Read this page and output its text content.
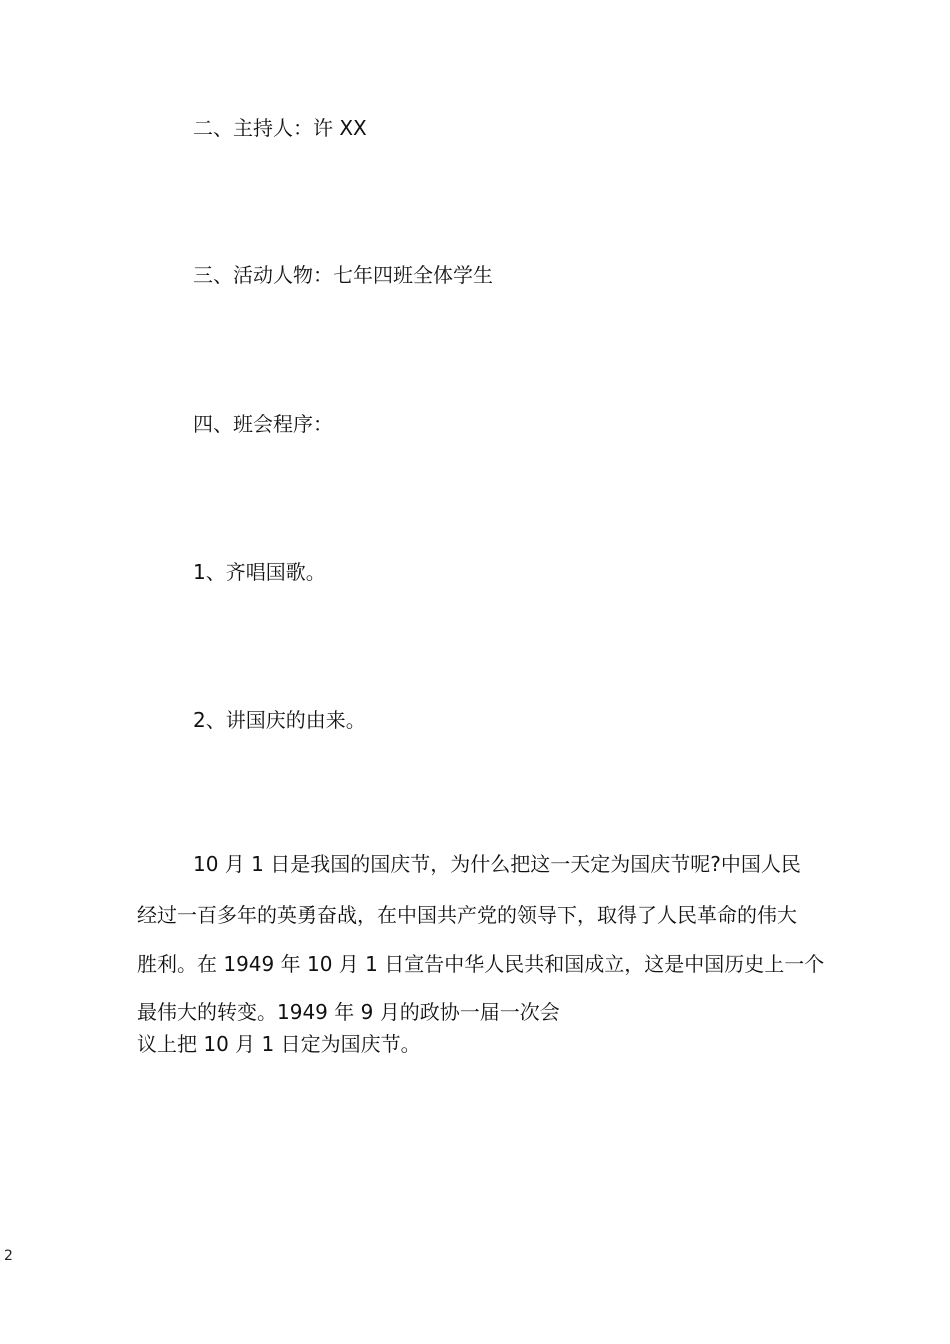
二、主持人：许 XX

三、活动人物：七年四班全体学生

四、班会程序：

1、齐唱国歌。

2、讲国庆的由来。

10 月 1 日是我国的国庆节，为什么把这一天定为国庆节呢?中国人民

经过一百多年的英勇奋战，在中国共产党的领导下，取得了人民革命的伟大

胜利。在 1949 年 10 月 1 日宣告中华人民共和国成立，这是中国历史上一个

最伟大的转变。1949 年 9 月的政协一届一次会

议上把 10 月 1 日定为国庆节。

2
